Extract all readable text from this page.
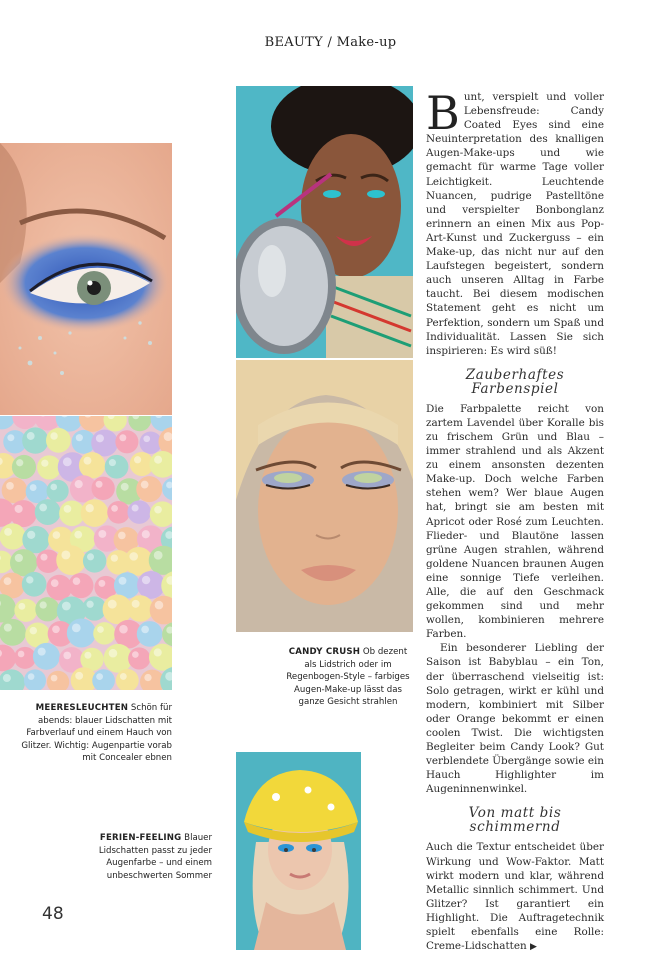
BEAUTY / Make-up
MEERESLEUCHTEN Schön für abends: blauer Lidschatten mit Farbverlauf und einem Hauch von Glitzer. Wichtig: Augenpartie vorab mit Concealer ebnen
CANDY CRUSH Ob dezent als Lidstrich oder im Regenbogen-Style – farbiges Augen-Make-up lässt das ganze Gesicht strahlen
FERIEN-FEELING Blauer Lidschatten passt zu jeder Augenfarbe – und einem unbeschwerten Sommer

Bunt, verspielt und voller Lebensfreude: Candy Coated Eyes sind eine Neuinterpretation des knalligen Augen-Make-ups und wie gemacht für warme Tage voller Leichtigkeit. Leuchtende Nuancen, pudrige Pastelltöne und verspielter Bonbonglanz erinnern an einen Mix aus Pop-Art-Kunst und Zuckerguss – ein Make-up, das nicht nur auf den Laufstegen begeistert, sondern auch unseren Alltag in Farbe taucht. Bei diesem modischen Statement geht es nicht um Perfektion, sondern um Spaß und Individualität. Lassen Sie sich inspirieren: Es wird süß!

Zauberhaftes Farbenspiel

Die Farbpalette reicht von zartem Lavendel über Koralle bis zu frischem Grün und Blau – immer strahlend und als Akzent zu einem ansonsten dezenten Make-up. Doch welche Farben stehen wem? Wer blaue Augen hat, bringt sie am besten mit Apricot oder Rosé zum Leuchten. Flieder- und Blautöne lassen grüne Augen strahlen, während goldene Nuancen braunen Augen eine sonnige Tiefe verleihen. Alle, die auf den Geschmack gekommen sind und mehr wollen, kombinieren mehrere Farben.

Ein besonderer Liebling der Saison ist Babyblau – ein Ton, der überraschend vielseitig ist: Solo getragen, wirkt er kühl und modern, kombiniert mit Silber oder Orange bekommt er einen coolen Twist. Die wichtigsten Begleiter beim Candy Look? Gut verblendete Übergänge sowie ein Hauch Highlighter im Augeninnenwinkel.

Von matt bis schimmernd

Auch die Textur entscheidet über Wirkung und Wow-Faktor. Matt wirkt modern und klar, während Metallic sinnlich schimmert. Und Glitzer? Ist garantiert ein Highlight. Die Auftragetechnik spielt ebenfalls eine Rolle: Creme-Lidschatten ▶

48
